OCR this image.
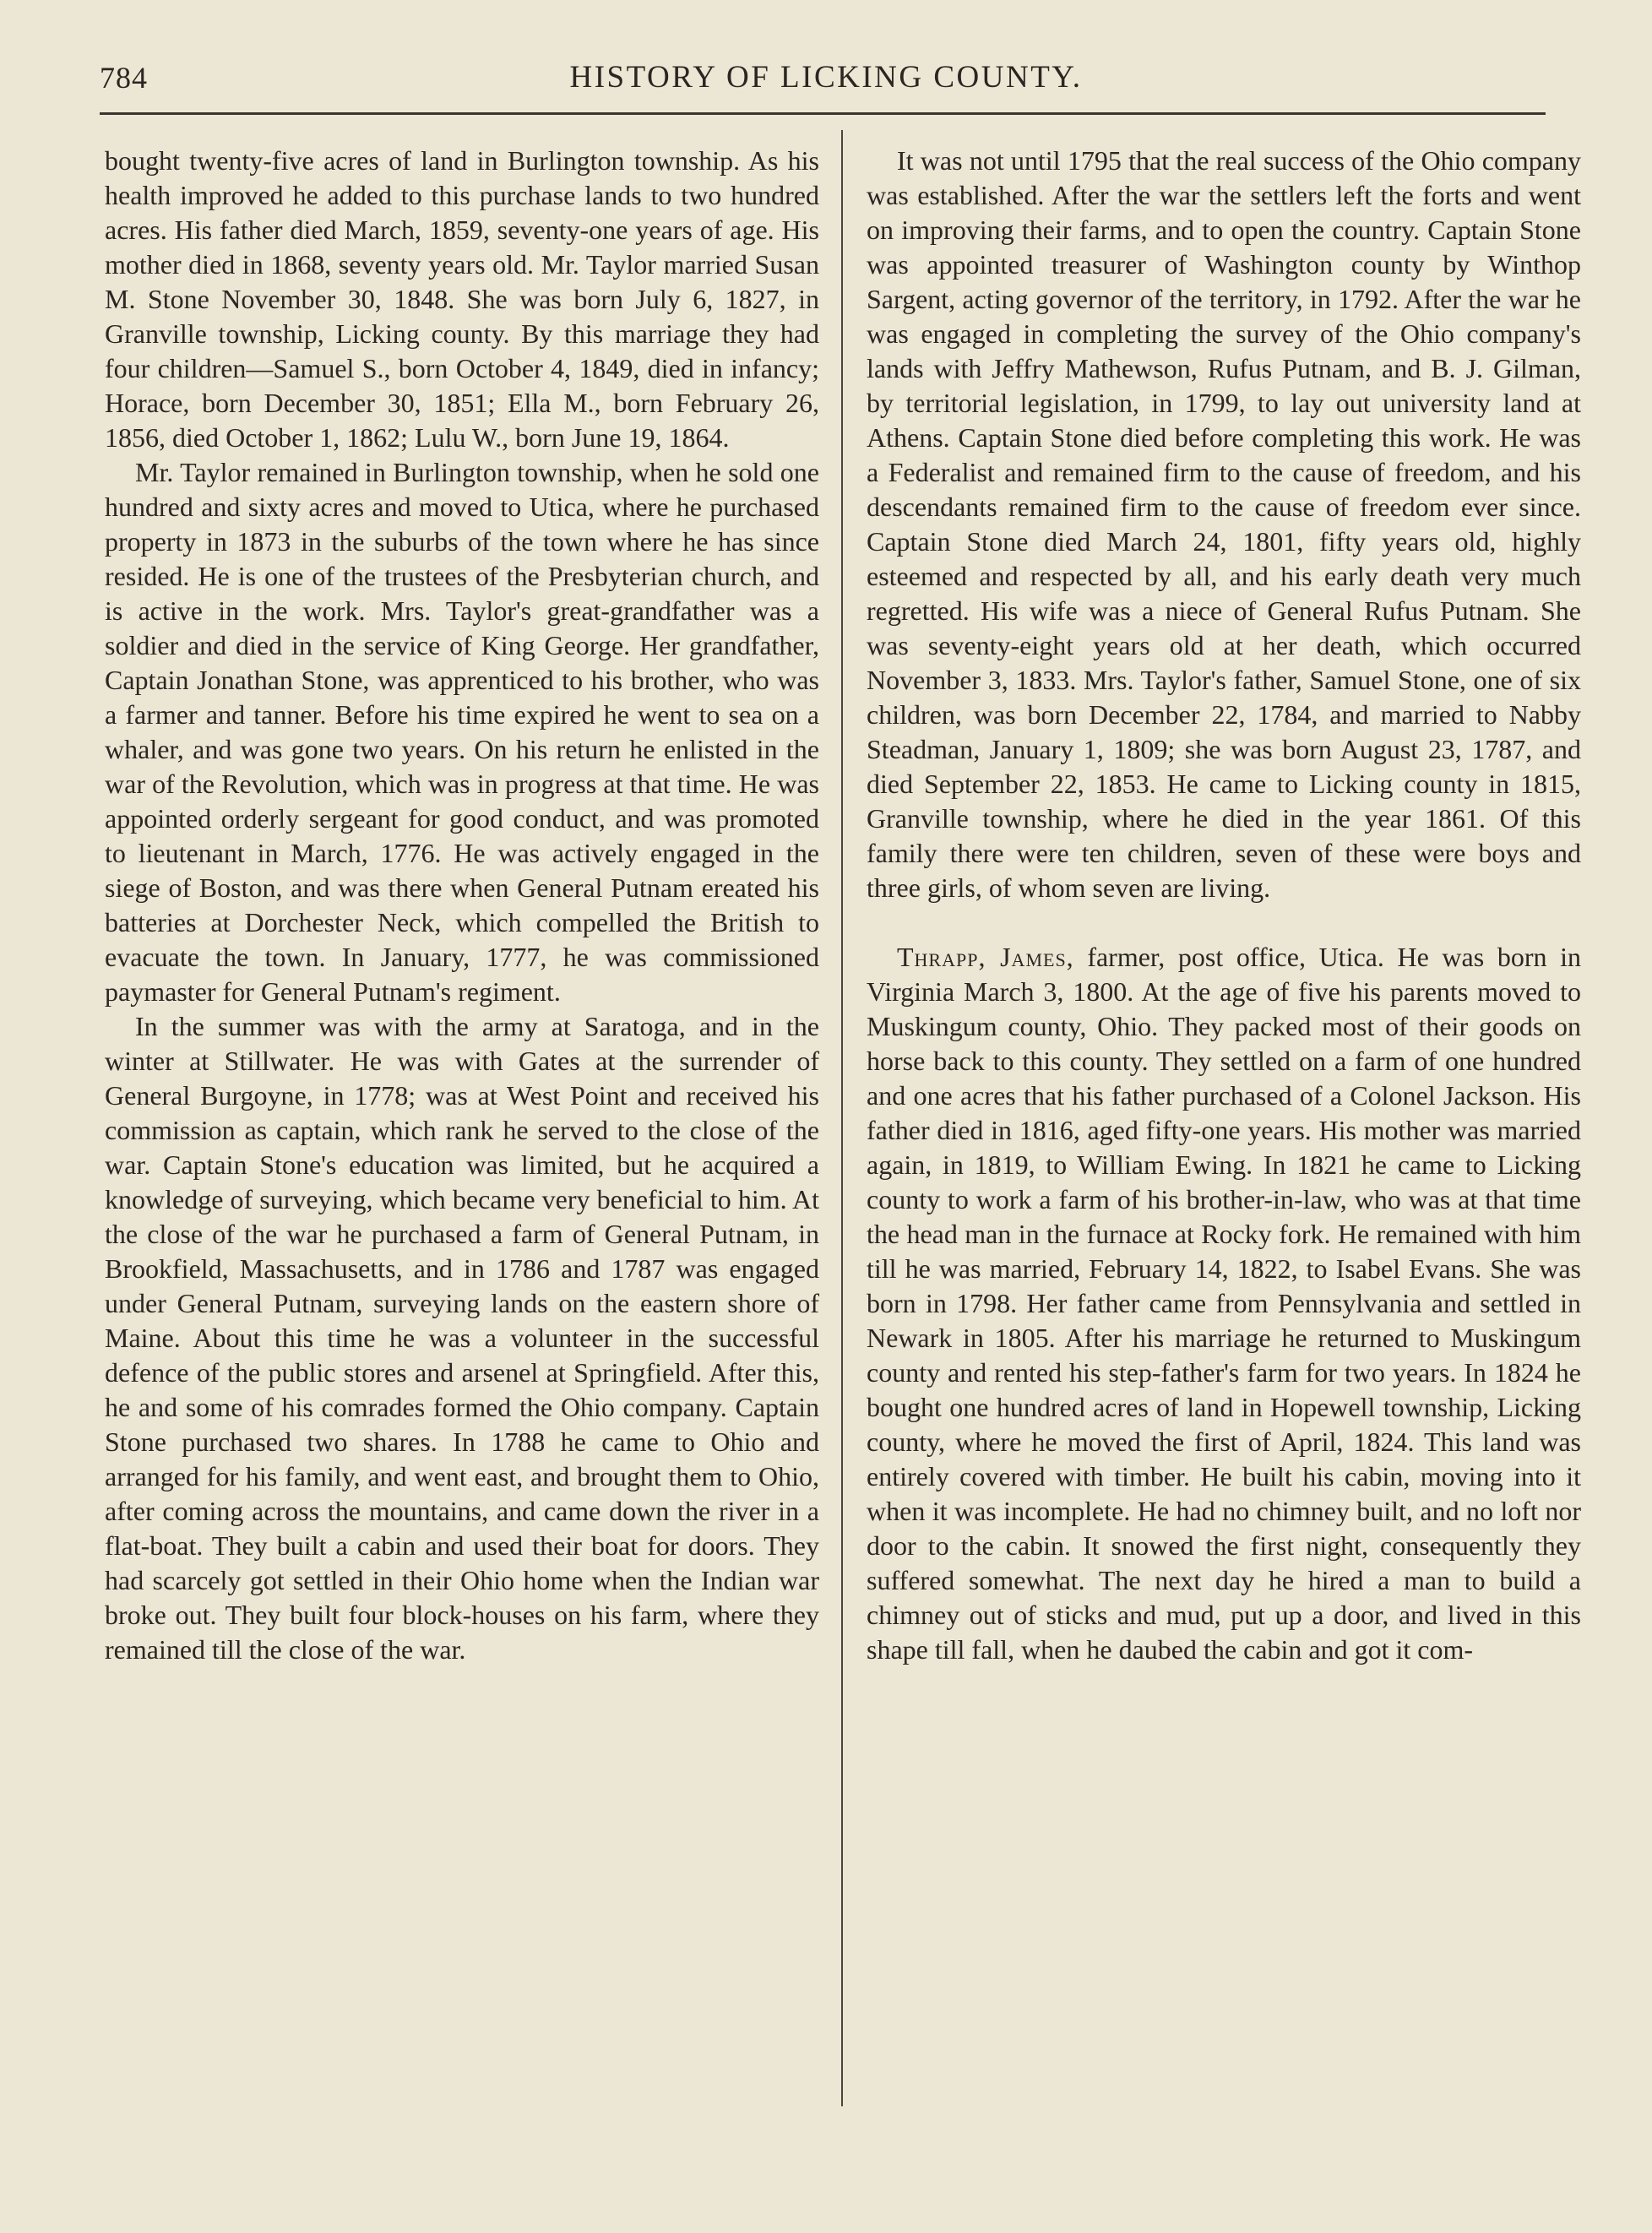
784	HISTORY OF LICKING COUNTY.

bought twenty-five acres of land in Burlington township. As his health improved he added to this purchase lands to two hundred acres. His father died March, 1859, seventy-one years of age. His mother died in 1868, seventy years old. Mr. Taylor married Susan M. Stone November 30, 1848. She was born July 6, 1827, in Granville township, Licking county. By this marriage they had four children—Samuel S., born October 4, 1849, died in infancy; Horace, born December 30, 1851; Ella M., born February 26, 1856, died October 1, 1862; Lulu W., born June 19, 1864.

Mr. Taylor remained in Burlington township, when he sold one hundred and sixty acres and moved to Utica, where he purchased property in 1873 in the suburbs of the town where he has since resided. He is one of the trustees of the Presbyterian church, and is active in the work. Mrs. Taylor's great-grandfather was a soldier and died in the service of King George. Her grandfather, Captain Jonathan Stone, was apprenticed to his brother, who was a farmer and tanner. Before his time expired he went to sea on a whaler, and was gone two years. On his return he enlisted in the war of the Revolution, which was in progress at that time. He was appointed orderly sergeant for good conduct, and was promoted to lieutenant in March, 1776. He was actively engaged in the siege of Boston, and was there when General Putnam ereated his batteries at Dorchester Neck, which compelled the British to evacuate the town. In January, 1777, he was commissioned paymaster for General Putnam's regiment.

In the summer was with the army at Saratoga, and in the winter at Stillwater. He was with Gates at the surrender of General Burgoyne, in 1778; was at West Point and received his commission as captain, which rank he served to the close of the war. Captain Stone's education was limited, but he acquired a knowledge of surveying, which became very beneficial to him. At the close of the war he purchased a farm of General Putnam, in Brookfield, Massachusetts, and in 1786 and 1787 was engaged under General Putnam, surveying lands on the eastern shore of Maine. About this time he was a volunteer in the successful defence of the public stores and arsenel at Springfield. After this, he and some of his comrades formed the Ohio company. Captain Stone purchased two shares. In 1788 he came to Ohio and arranged for his family, and went east, and brought them to Ohio, after coming across the mountains, and came down the river in a flat-boat. They built a cabin and used their boat for doors. They had scarcely got settled in their Ohio home when the Indian war broke out. They built four block-houses on his farm, where they remained till the close of the war.

It was not until 1795 that the real success of the Ohio company was established. After the war the settlers left the forts and went on improving their farms, and to open the country. Captain Stone was appointed treasurer of Washington county by Winthop Sargent, acting governor of the territory, in 1792. After the war he was engaged in completing the survey of the Ohio company's lands with Jeffry Mathewson, Rufus Putnam, and B. J. Gilman, by territorial legislation, in 1799, to lay out university land at Athens. Captain Stone died before completing this work. He was a Federalist and remained firm to the cause of freedom, and his descendants remained firm to the cause of freedom ever since. Captain Stone died March 24, 1801, fifty years old, highly esteemed and respected by all, and his early death very much regretted. His wife was a niece of General Rufus Putnam. She was seventy-eight years old at her death, which occurred November 3, 1833. Mrs. Taylor's father, Samuel Stone, one of six children, was born December 22, 1784, and married to Nabby Steadman, January 1, 1809; she was born August 23, 1787, and died September 22, 1853. He came to Licking county in 1815, Granville township, where he died in the year 1861. Of this family there were ten children, seven of these were boys and three girls, of whom seven are living.

Thrapp, James, farmer, post office, Utica. He was born in Virginia March 3, 1800. At the age of five his parents moved to Muskingum county, Ohio. They packed most of their goods on horse back to this county. They settled on a farm of one hundred and one acres that his father purchased of a Colonel Jackson. His father died in 1816, aged fifty-one years. His mother was married again, in 1819, to William Ewing. In 1821 he came to Licking county to work a farm of his brother-in-law, who was at that time the head man in the furnace at Rocky fork. He remained with him till he was married, February 14, 1822, to Isabel Evans. She was born in 1798. Her father came from Pennsylvania and settled in Newark in 1805. After his marriage he returned to Muskingum county and rented his step-father's farm for two years. In 1824 he bought one hundred acres of land in Hopewell township, Licking county, where he moved the first of April, 1824. This land was entirely covered with timber. He built his cabin, moving into it when it was incomplete. He had no chimney built, and no loft nor door to the cabin. It snowed the first night, consequently they suffered somewhat. The next day he hired a man to build a chimney out of sticks and mud, put up a door, and lived in this shape till fall, when he daubed the cabin and got it com-
